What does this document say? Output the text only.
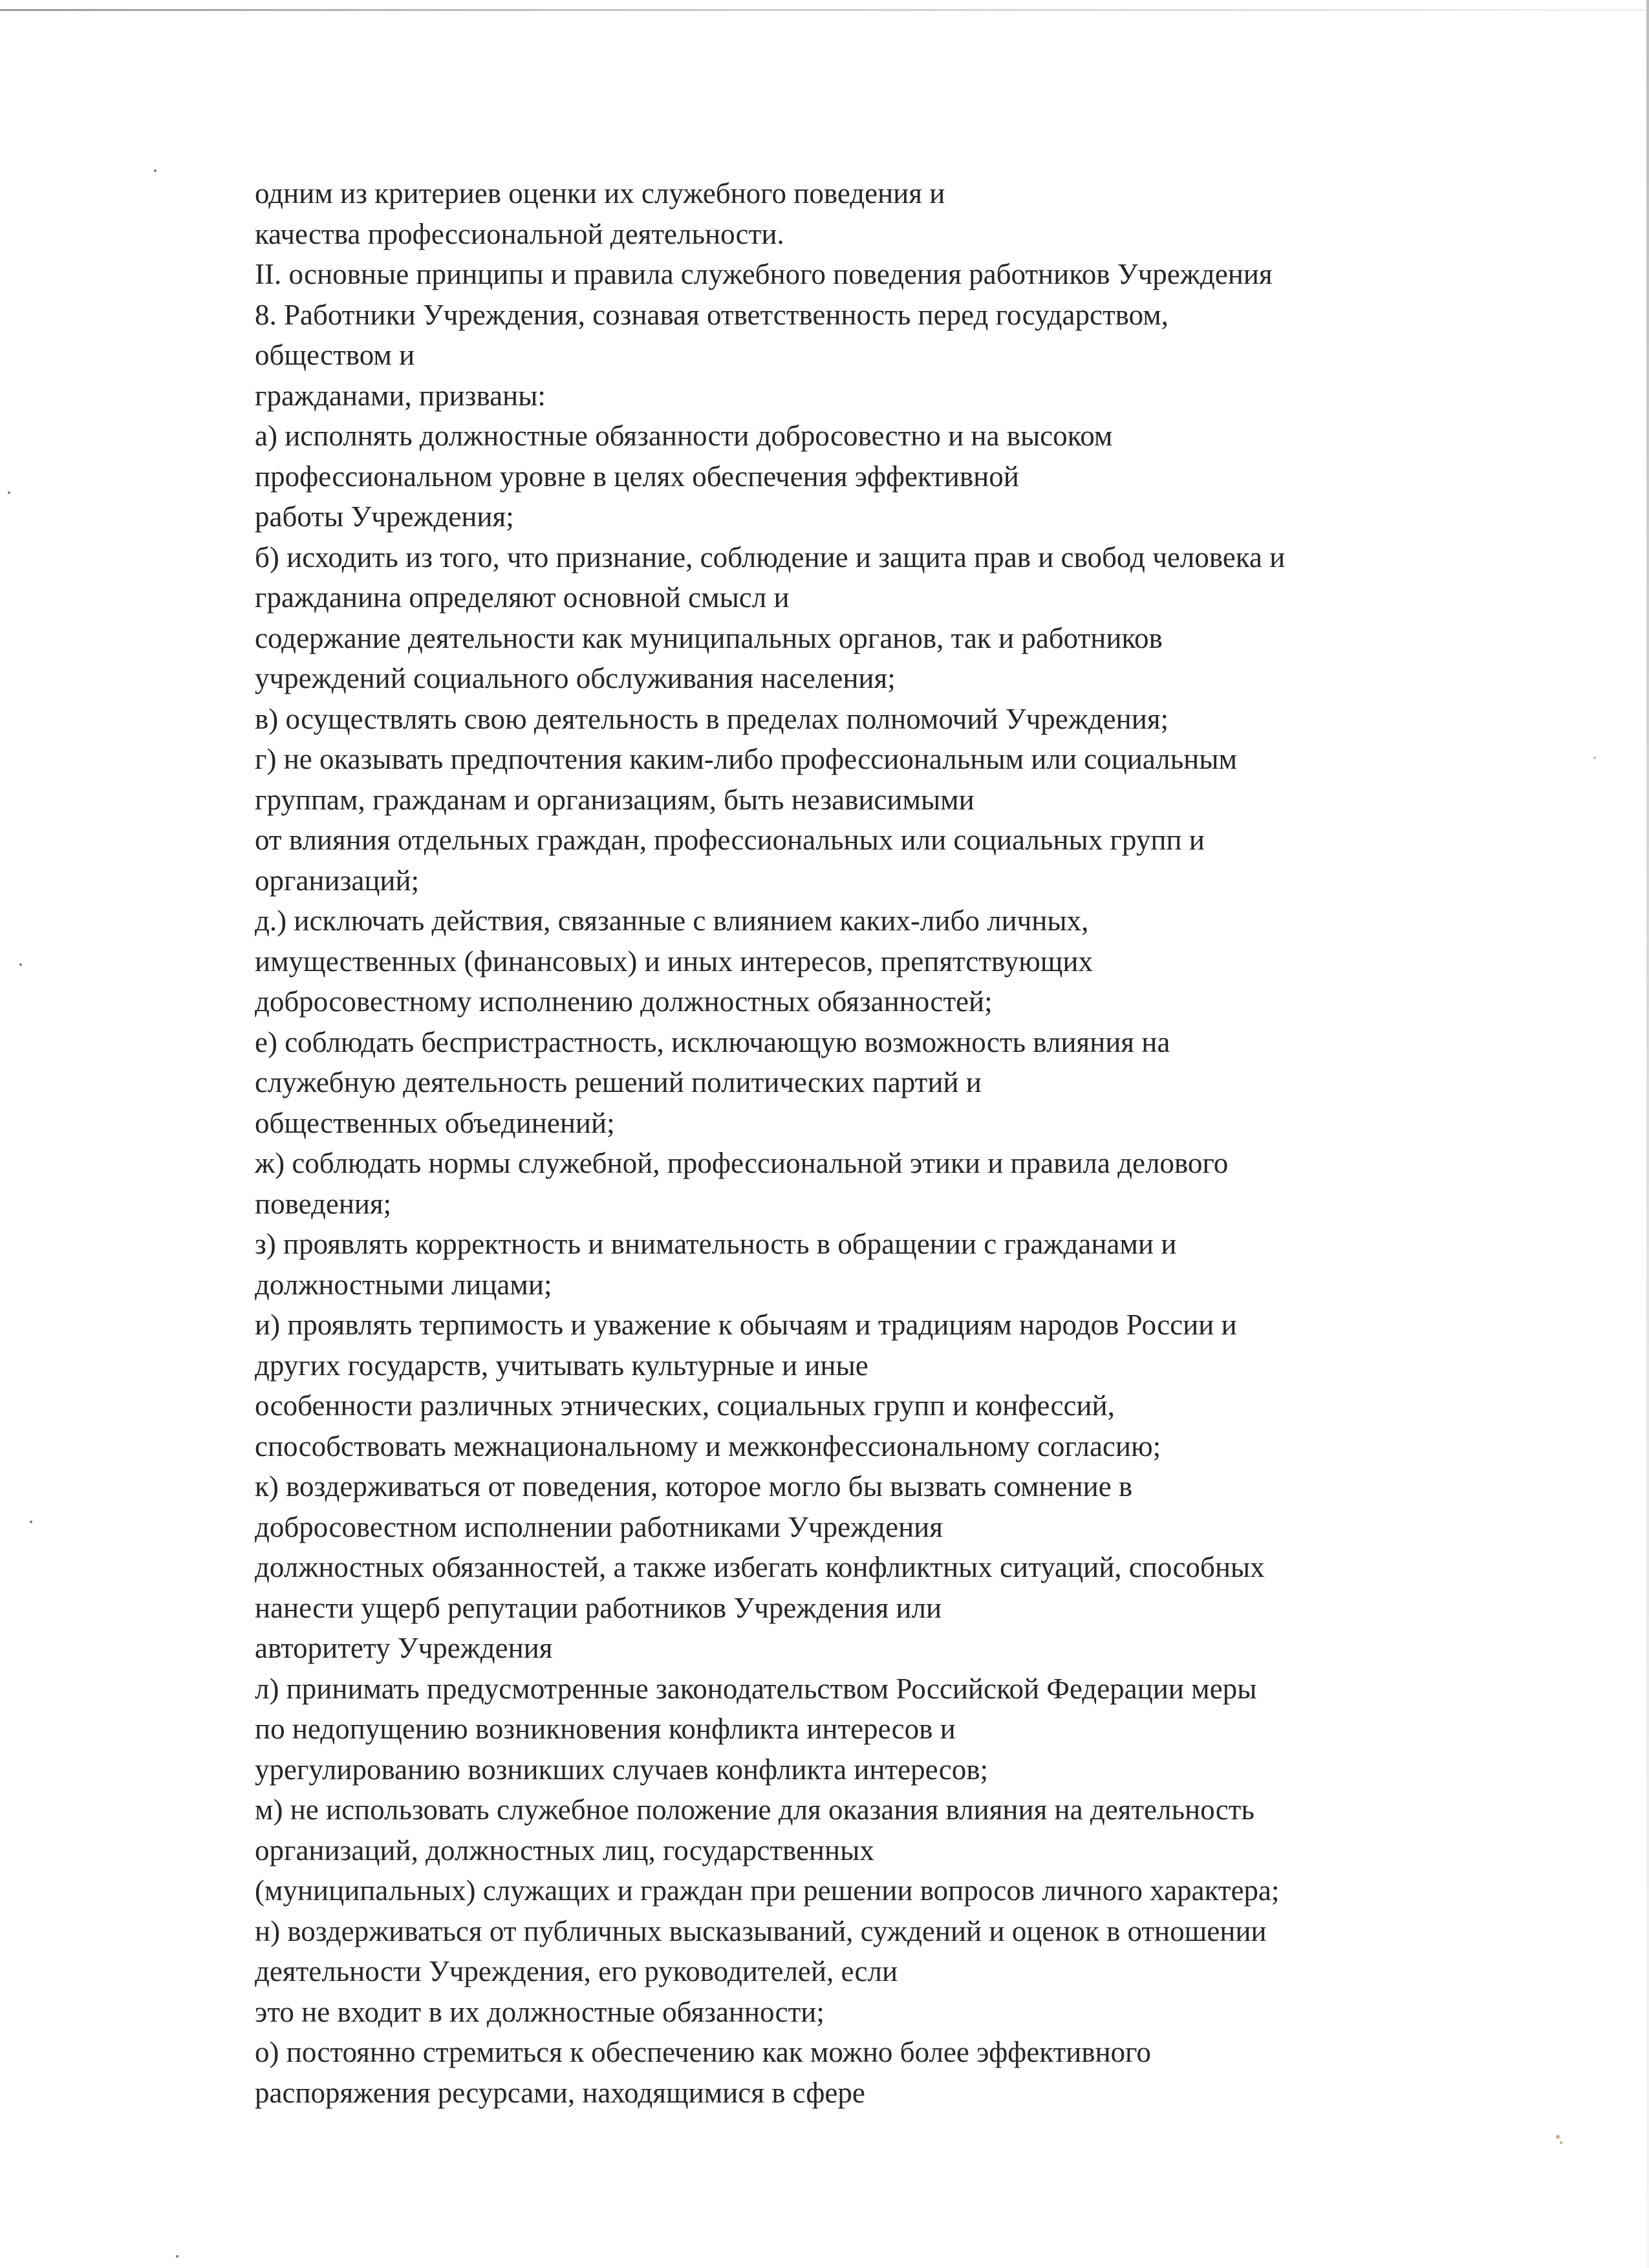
одним из критериев оценки их служебного поведения и
качества профессиональной деятельности.
II. основные принципы и правила служебного поведения работников Учреждения
8. Работники Учреждения, сознавая ответственность перед государством,
обществом и
гражданами, призваны:
а) исполнять должностные обязанности добросовестно и на высоком
профессиональном уровне в целях обеспечения эффективной
работы Учреждения;
б) исходить из того, что признание, соблюдение и защита прав и свобод человека и
гражданина определяют основной смысл и
содержание деятельности как муниципальных органов, так и работников
учреждений социального обслуживания населения;
в) осуществлять свою деятельность в пределах полномочий Учреждения;
г) не оказывать предпочтения каким-либо профессиональным или социальным
группам, гражданам и организациям, быть независимыми
от влияния отдельных граждан, профессиональных или социальных групп и
организаций;
д.) исключать действия, связанные с влиянием каких-либо личных,
имущественных (финансовых) и иных интересов, препятствующих
добросовестному исполнению должностных обязанностей;
е) соблюдать беспристрастность, исключающую возможность влияния на
служебную деятельность решений политических партий и
общественных объединений;
ж) соблюдать нормы служебной, профессиональной этики и правила делового
поведения;
з) проявлять корректность и внимательность в обращении с гражданами и
должностными лицами;
и) проявлять терпимость и уважение к обычаям и традициям народов России и
других государств, учитывать культурные и иные
особенности различных этнических, социальных групп и конфессий,
способствовать межнациональному и межконфессиональному согласию;
к) воздерживаться от поведения, которое могло бы вызвать сомнение в
добросовестном исполнении работниками Учреждения
должностных обязанностей, а также избегать конфликтных ситуаций, способных
нанести ущерб репутации работников Учреждения или
авторитету Учреждения
л) принимать предусмотренные законодательством Российской Федерации меры
по недопущению возникновения конфликта интересов и
урегулированию возникших случаев конфликта интересов;
м) не использовать служебное положение для оказания влияния на деятельность
организаций, должностных лиц, государственных
(муниципальных) служащих и граждан при решении вопросов личного характера;
н) воздерживаться от публичных высказываний, суждений и оценок в отношении
деятельности Учреждения, его руководителей, если
это не входит в их должностные обязанности;
о) постоянно стремиться к обеспечению как можно более эффективного
распоряжения ресурсами, находящимися в сфере
